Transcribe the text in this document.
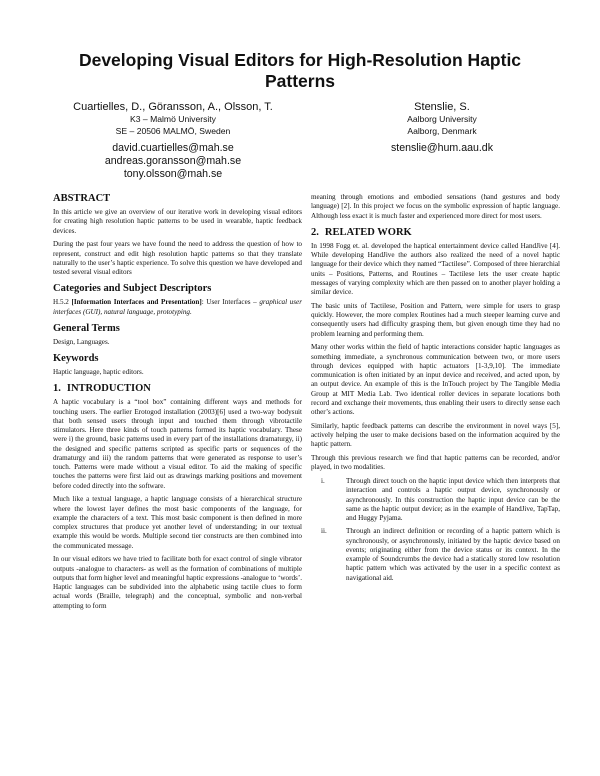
Developing Visual Editors for High-Resolution Haptic
Patterns
Cuartielles, D., Göransson, A., Olsson, T.
K3 – Malmö University
SE – 20506 MALMÖ, Sweden
david.cuartielles@mah.se
andreas.goransson@mah.se
tony.olsson@mah.se
Stenslie, S.
Aalborg University
Aalborg, Denmark
stenslie@hum.aau.dk
ABSTRACT

In this article we give an overview of our iterative work in developing visual editors for creating high resolution haptic patterns to be used in wearable, haptic feedback devices.

During the past four years we have found the need to address the question of how to represent, construct and edit high resolution haptic patterns so that they translate naturally to the user’s haptic experience. To solve this question we have developed and tested several visual editors

Categories and Subject Descriptors

H.5.2 [Information Interfaces and Presentation]: User Interfaces – graphical user interfaces (GUI), natural language, prototyping.

General Terms

Design, Languages.

Keywords

Haptic language, haptic editors.

1. INTRODUCTION

A haptic vocabulary is a “tool box” containing different ways and methods for touching users. The earlier Erotogod installation (2003)[6] used a two-way bodysuit that both sensed users through input and touched them through vibrotactile stimulators. Here three kinds of touch patterns formed its haptic vocabulary. These were i) the ground, basic patterns used in every part of the installations dramaturgy, ii) the designed and specific patterns scripted as specific parts or sequences of the dramaturgy and iii) the random patterns that were generated as response to user’s touch. Patterns were made without a visual editor. To aid the making of specific touches the patterns were first laid out as drawings marking positions and movement before coded directly into the software.

Much like a textual language, a haptic language consists of a hierarchical structure where the lowest layer defines the most basic components of the language, for example the characters of a text. This most basic component is then defined in more complex structures that produce yet another level of understanding; in our textual example this would be words. Multiple second tier constructs are then combined into the communicated message.

In our visual editors we have tried to facilitate both for exact control of single vibrator outputs -analogue to characters- as well as the formation of combinations of multiple outputs that form higher level and meaningful haptic expressions -analogue to ‘words’. Haptic languages can be subdivided into the alphabetic using tactile clues to form actual words (Braille, telegraph) and the conceptual, symbolic and non-verbal attempting to form

meaning through emotions and embodied sensations (hand gestures and body language) [2]. In this project we focus on the symbolic expression of haptic language. Although less exact it is much faster and experienced more direct for most users.

2. RELATED WORK

In 1998 Fogg et. al. developed the haptical entertainment device called HandJive [4]. While developing HandJive the authors also realized the need of a novel haptic language for their device which they named “Tactilese”. Composed of three hierarchial units – Positions, Patterns, and Routines – Tactilese lets the user create haptic messages of varying complexity which are then passed on to another player holding a similar device.

The basic units of Tactilese, Position and Pattern, were simple for users to grasp quickly. However, the more complex Routines had a much steeper learning curve and consequently users had difficulty grasping them, but given enough time they had no problem learning and performing them.

Many other works within the field of haptic interactions consider haptic languages as something immediate, a synchronous communication between two, or more users through devices equipped with haptic actuators [1-3,9,10]. The immediate communication is often initiated by an input device and received, and acted upon, by an output device. An example of this is the InTouch project by The Tangible Media Group at MIT Media Lab. Two identical roller devices in separate locations both record and exchange their movements, thus enabling their users to directly sense each other’s actions.

Similarly, haptic feedback patterns can describe the environment in novel ways [5], actively helping the user to make decisions based on the information acquired by the haptic pattern.

Through this previous research we find that haptic patterns can be recorded, and/or played, in two modalities.

i.	Through direct touch on the haptic input device which then interprets that interaction and controls a haptic output device, synchronously or asynchronously. In this construction the haptic input device can be the same as the haptic output device; as in the example of HandJive, TapTap, and Huggy Pyjama.
ii.	Through an indirect definition or recording of a haptic pattern which is synchronously, or asynchronously, initiated by the haptic device based on events; originating either from the device status or its context. In the example of Soundcrumbs the device had a statically stored low resolution haptic pattern which was activated by the user in a specific context as navigational aid.
